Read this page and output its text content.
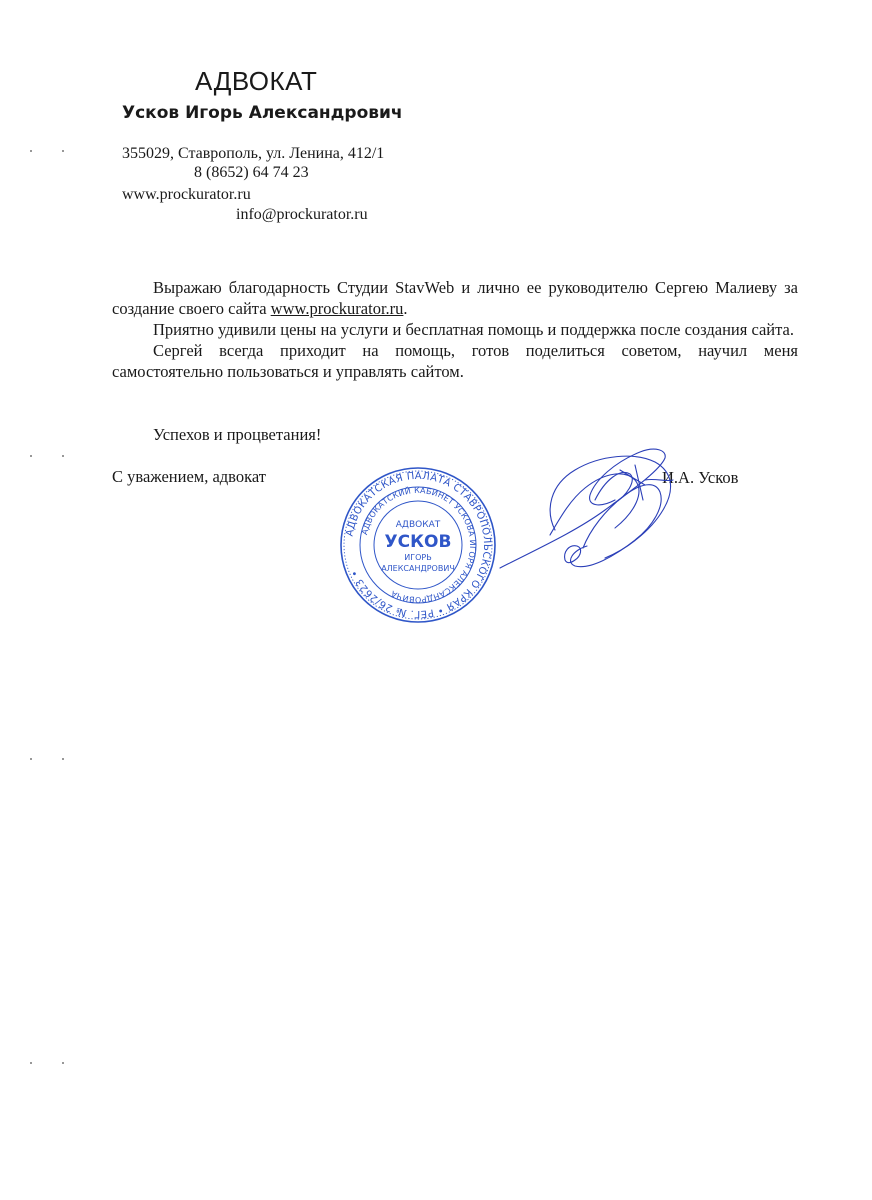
АДВОКАТ
Усков Игорь Александрович
355029, Ставрополь, ул. Ленина, 412/1
8 (8652) 64 74 23
www.prockurator.ru
info@prockurator.ru

Выражаю благодарность Студии StavWeb и лично ее руководителю Сергею Малиеву за создание своего сайта www.prockurator.ru.

Приятно удивили цены на услуги и бесплатная помощь и поддержка после создания сайта.

Сергей всегда приходит на помощь, готов поделиться советом, научил меня самостоятельно пользоваться и управлять сайтом.

Успехов и процветания!
С уважением, адвокат	И.А. Усков
АДВОКАТСКАЯ ПАЛАТА СТАВРОПОЛЬСКОГО КРАЯ • РЕГ. № 26/2623 •
АДВОКАТСКИЙ КАБИНЕТ УСКОВА ИГОРЯ АЛЕКСАНДРОВИЧА
АДВОКАТ
УСКОВ
ИГОРЬ
АЛЕКСАНДРОВИЧ
